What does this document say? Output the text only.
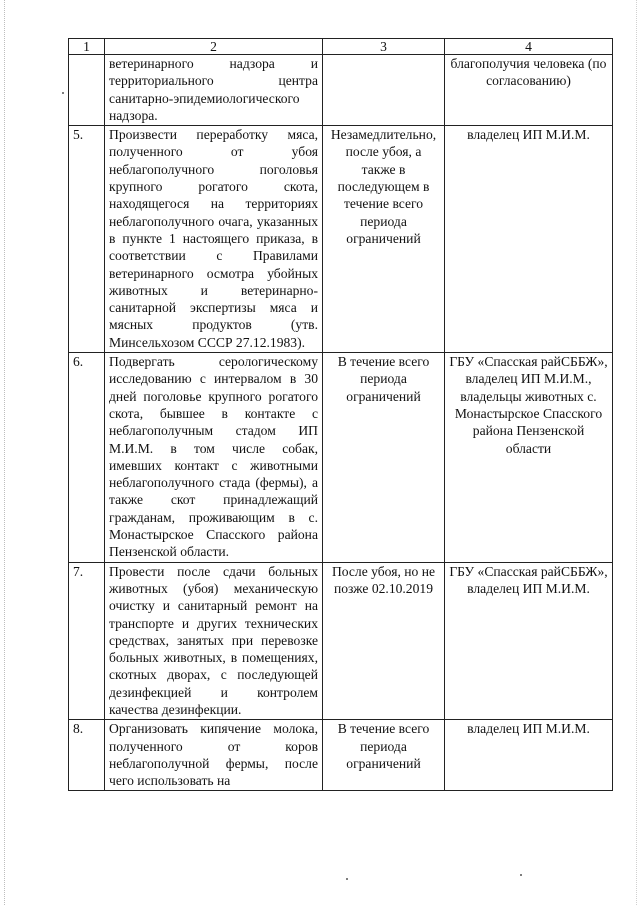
1	2	3	4
	ветеринарного надзора и территориального центра санитарно-эпидемиологического надзора.		благополучия человека (по согласованию)
5.	Произвести переработку мяса, полученного от убоя неблагополучного поголовья крупного рогатого скота, находящегося на территориях неблагополучного очага, указанных в пункте 1 настоящего приказа, в соответствии с Правилами ветеринарного осмотра убойных животных и ветеринарно-санитарной экспертизы мяса и мясных продуктов (утв. Минсельхозом СССР 27.12.1983).	Незамедлительно, после убоя, а также в последующем в течение всего периода ограничений	владелец ИП М.И.М.
6.	Подвергать серологическому исследованию с интервалом в 30 дней поголовье крупного рогатого скота, бывшее в контакте с неблагополучным стадом ИП М.И.М. в том числе собак, имевших контакт с животными неблагополучного стада (фермы), а также скот принадлежащий гражданам, проживающим в с. Монастырское Спасского района Пензенской области.	В течение всего периода ограничений	ГБУ «Спасская райСББЖ», владелец ИП М.И.М., владельцы животных с. Монастырское Спасского района Пензенской области
7.	Провести после сдачи больных животных (убоя) механическую очистку и санитарный ремонт на транспорте и других технических средствах, занятых при перевозке больных животных, в помещениях, скотных дворах, с последующей дезинфекцией и контролем качества дезинфекции.	После убоя, но не позже 02.10.2019	ГБУ «Спасская райСББЖ», владелец ИП М.И.М.
8.	Организовать кипячение молока, полученного от коров неблагополучной фермы, после чего использовать на	В течение всего периода ограничений	владелец ИП М.И.М.
